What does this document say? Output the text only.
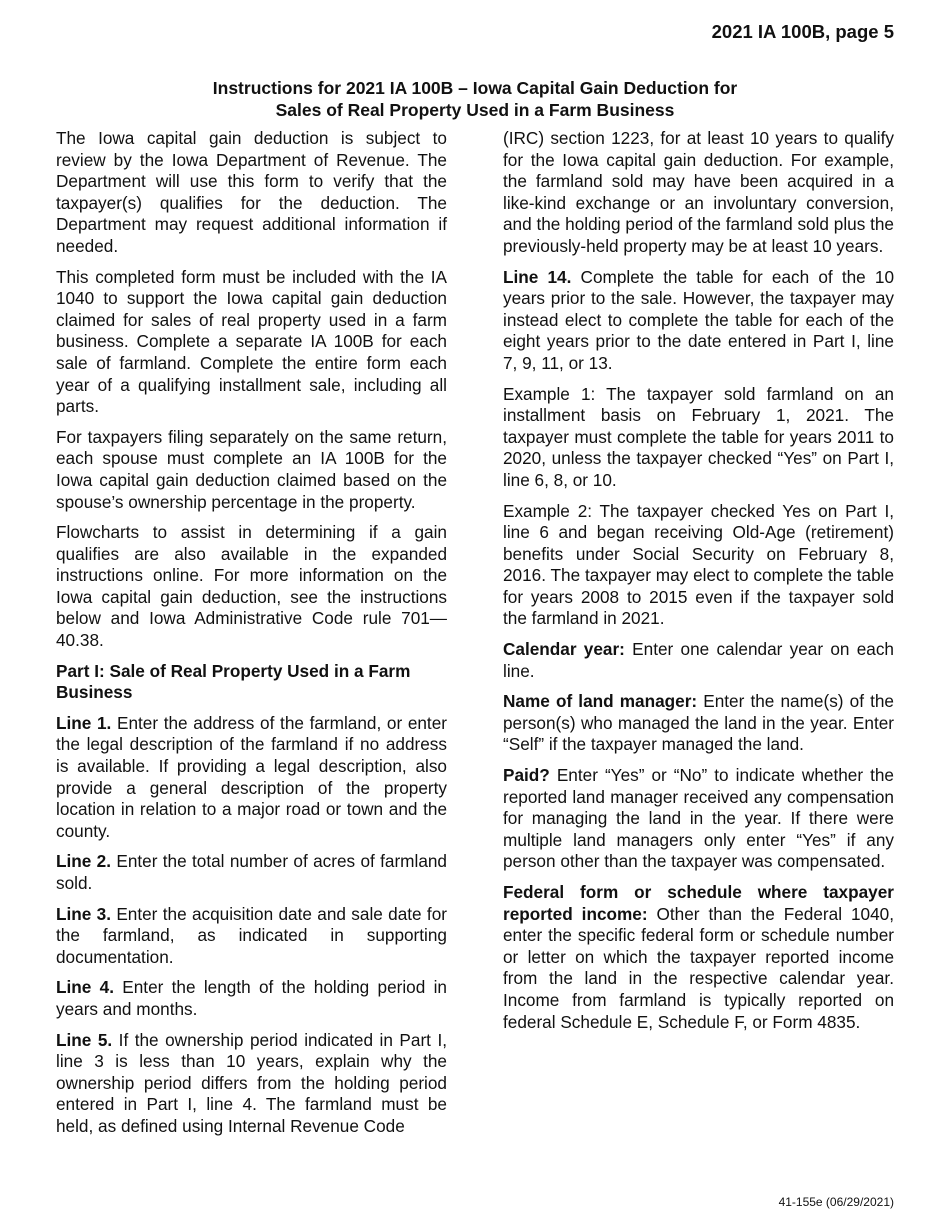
2021 IA 100B, page 5
Instructions for 2021 IA 100B – Iowa Capital Gain Deduction for
Sales of Real Property Used in a Farm Business

The Iowa capital gain deduction is subject to review by the Iowa Department of Revenue. The Department will use this form to verify that the taxpayer(s) qualifies for the deduction. The Department may request additional information if needed.

This completed form must be included with the IA 1040 to support the Iowa capital gain deduction claimed for sales of real property used in a farm business. Complete a separate IA 100B for each sale of farmland. Complete the entire form each year of a qualifying installment sale, including all parts.

For taxpayers filing separately on the same return, each spouse must complete an IA 100B for the Iowa capital gain deduction claimed based on the spouse’s ownership percentage in the property.

Flowcharts to assist in determining if a gain qualifies are also available in the expanded instructions online. For more information on the Iowa capital gain deduction, see the instructions below and Iowa Administrative Code rule 701—40.38.

Part I: Sale of Real Property Used in a Farm Business

Line 1. Enter the address of the farmland, or enter the legal description of the farmland if no address is available. If providing a legal description, also provide a general description of the property location in relation to a major road or town and the county.

Line 2. Enter the total number of acres of farmland sold.

Line 3. Enter the acquisition date and sale date for the farmland, as indicated in supporting documentation.

Line 4. Enter the length of the holding period in years and months.

Line 5. If the ownership period indicated in Part I, line 3 is less than 10 years, explain why the ownership period differs from the holding period entered in Part I, line 4. The farmland must be held, as defined using Internal Revenue Code

(IRC) section 1223, for at least 10 years to qualify for the Iowa capital gain deduction. For example, the farmland sold may have been acquired in a like-kind exchange or an involuntary conversion, and the holding period of the farmland sold plus the previously-held property may be at least 10 years.

Line 14. Complete the table for each of the 10 years prior to the sale. However, the taxpayer may instead elect to complete the table for each of the eight years prior to the date entered in Part I, line 7, 9, 11, or 13.

Example 1: The taxpayer sold farmland on an installment basis on February 1, 2021. The taxpayer must complete the table for years 2011 to 2020, unless the taxpayer checked “Yes” on Part I, line 6, 8, or 10.

Example 2: The taxpayer checked Yes on Part I, line 6 and began receiving Old-Age (retirement) benefits under Social Security on February 8, 2016. The taxpayer may elect to complete the table for years 2008 to 2015 even if the taxpayer sold the farmland in 2021.

Calendar year: Enter one calendar year on each line.

Name of land manager: Enter the name(s) of the person(s) who managed the land in the year. Enter “Self” if the taxpayer managed the land.

Paid? Enter “Yes” or “No” to indicate whether the reported land manager received any compensation for managing the land in the year. If there were multiple land managers only enter “Yes” if any person other than the taxpayer was compensated.

Federal form or schedule where taxpayer reported income: Other than the Federal 1040, enter the specific federal form or schedule number or letter on which the taxpayer reported income from the land in the respective calendar year. Income from farmland is typically reported on federal Schedule E, Schedule F, or Form 4835.

41-155e (06/29/2021)
